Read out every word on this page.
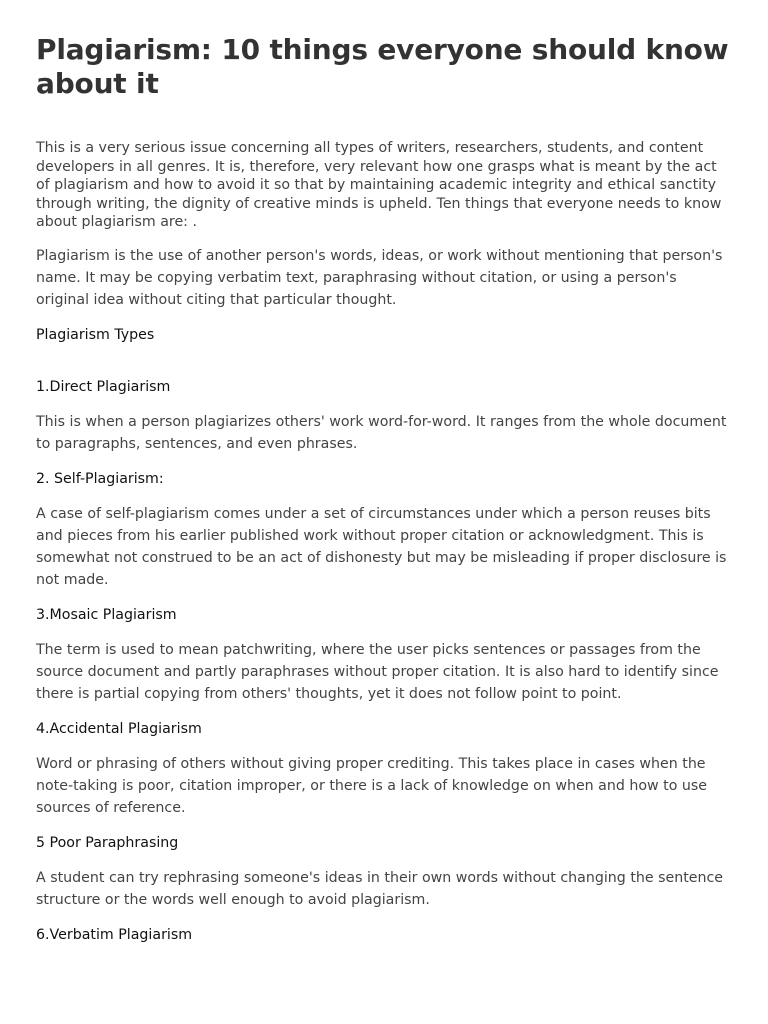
Plagiarism: 10 things everyone should know about it

This is a very serious issue concerning all types of writers, researchers, students, and content developers in all genres. It is, therefore, very relevant how one grasps what is meant by the act of plagiarism and how to avoid it so that by maintaining academic integrity and ethical sanctity through writing, the dignity of creative minds is upheld. Ten things that everyone needs to know about plagiarism are: .

Plagiarism is the use of another person's words, ideas, or work without mentioning that person's name. It may be copying verbatim text, paraphrasing without citation, or using a person's original idea without citing that particular thought.

Plagiarism Types

1.Direct Plagiarism

This is when a person plagiarizes others' work word-for-word. It ranges from the whole document to paragraphs, sentences, and even phrases.

2. Self-Plagiarism:

A case of self-plagiarism comes under a set of circumstances under which a person reuses bits and pieces from his earlier published work without proper citation or acknowledgment. This is somewhat not construed to be an act of dishonesty but may be misleading if proper disclosure is not made.

3.Mosaic Plagiarism

The term is used to mean patchwriting, where the user picks sentences or passages from the source document and partly paraphrases without proper citation. It is also hard to identify since there is partial copying from others' thoughts, yet it does not follow point to point.

4.Accidental Plagiarism

Word or phrasing of others without giving proper crediting. This takes place in cases when the note-taking is poor, citation improper, or there is a lack of knowledge on when and how to use sources of reference.

5 Poor Paraphrasing

A student can try rephrasing someone's ideas in their own words without changing the sentence structure or the words well enough to avoid plagiarism.

6.Verbatim Plagiarism
